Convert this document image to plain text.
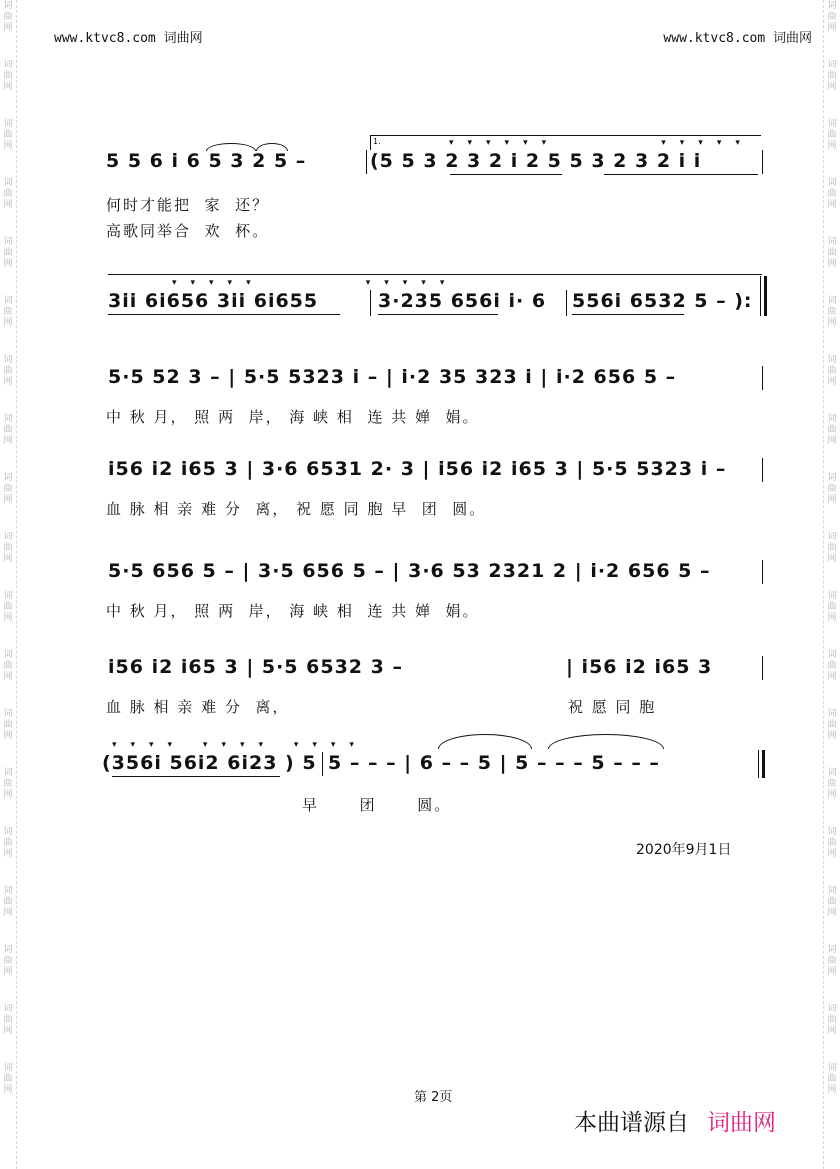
词
曲
网
词
曲
网
词
曲
网
词
曲
网
词
曲
网
词
曲
网
词
曲
网
词
曲
网
词
曲
网
词
曲
网
词
曲
网
词
曲
网
词
曲
网
词
曲
网
词
曲
网
词
曲
网
词
曲
网
词
曲
网
词
曲
网
词
曲
网
词
曲
网
词
曲
网
词
曲
网
词
曲
网
词
曲
网
词
曲
网
词
曲
网
词
曲
网
词
曲
网
词
曲
网
词
曲
网
词
曲
网
词
曲
网
词
曲
网
词
曲
网
词
曲
网
词
曲
网
词
曲
网
www.ktvc8.com 词曲网	www.ktvc8.com 词曲网
5 5 6 i 6 5 3 2 5 –
1.	▾▾▾▾▾▾      ▾▾▾▾▾
(5 5 3 2 3 2 i 2 5 5 3 2 3 2 i i
何时才能把  家  还？
高歌同举合  欢  杯。
▾▾▾▾▾      ▾▾▾▾▾
3ii 6i656 3ii 6i655	3·235 656i i· 6 556i 6532 5 – ):
5·5 52 3 – | 5·5 5323 i – | i·2 35 323 i | i·2 656 5 –
中 秋 月， 照 两  岸， 海 峡 相  连 共 婵  娟。
i56 i2 i65 3 | 3·6 6531 2· 3 | i56 i2 i65 3 | 5·5 5323 i –
血 脉 相 亲 难 分  离， 祝 愿 同 胞 早  团  圆。
5·5 656 5 – | 3·5 656 5 – | 3·6 53 2321 2 | i·2 656 5 –
中 秋 月， 照 两  岸， 海 峡 相  连 共 婵  娟。
i56 i2 i65 3 | 5·5 6532 3 –	| i56 i2 i65 3
血 脉 相 亲 难 分  离，	祝 愿 同 胞
▾▾▾▾ ▾▾▾▾ ▾▾▾▾
(356i 56i2 6i23 ) 5 5 – – – | 6 – – 5 | 5 – – – 5 – – –
早      团      圆。
2020年9月1日
第 2页
本曲谱源自 词曲网
